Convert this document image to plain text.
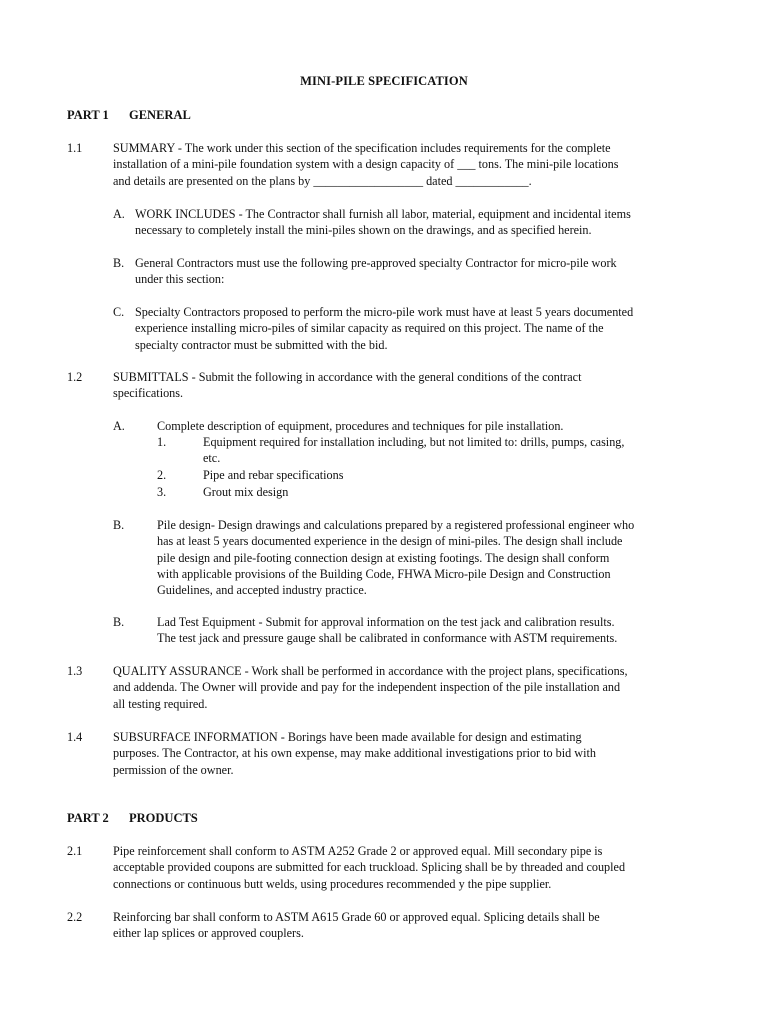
MINI-PILE SPECIFICATION
PART 1 GENERAL
1.1	SUMMARY - The work under this section of the specification includes requirements for the complete
installation of a mini-pile foundation system with a design capacity of ___ tons. The mini-pile locations
and details are presented on the plans by __________________ dated ____________.
A. WORK INCLUDES - The Contractor shall furnish all labor, material, equipment and incidental items
necessary to completely install the mini-piles shown on the drawings, and as specified herein.
B. General Contractors must use the following pre-approved specialty Contractor for micro-pile work
under this section:
C. Specialty Contractors proposed to perform the micro-pile work must have at least 5 years documented
experience installing micro-piles of similar capacity as required on this project. The name of the
specialty contractor must be submitted with the bid.
1.2	SUBMITTALS - Submit the following in accordance with the general conditions of the contract
specifications.
A.	Complete description of equipment, procedures and techniques for pile installation.
1.	Equipment required for installation including, but not limited to: drills, pumps, casing,
etc.
2.	Pipe and rebar specifications
3.	Grout mix design
B.	Pile design- Design drawings and calculations prepared by a registered professional engineer who
has at least 5 years documented experience in the design of mini-piles. The design shall include
pile design and pile-footing connection design at existing footings. The design shall conform
with applicable provisions of the Building Code, FHWA Micro-pile Design and Construction
Guidelines, and accepted industry practice.
B.	Lad Test Equipment - Submit for approval information on the test jack and calibration results.
The test jack and pressure gauge shall be calibrated in conformance with ASTM requirements.
1.3	QUALITY ASSURANCE - Work shall be performed in accordance with the project plans, specifications,
and addenda. The Owner will provide and pay for the independent inspection of the pile installation and
all testing required.
1.4	SUBSURFACE INFORMATION - Borings have been made available for design and estimating
purposes. The Contractor, at his own expense, may make additional investigations prior to bid with
permission of the owner.
PART 2 PRODUCTS
2.1	Pipe reinforcement shall conform to ASTM A252 Grade 2 or approved equal. Mill secondary pipe is
acceptable provided coupons are submitted for each truckload. Splicing shall be by threaded and coupled
connections or continuous butt welds, using procedures recommended y the pipe supplier.
2.2	Reinforcing bar shall conform to ASTM A615 Grade 60 or approved equal. Splicing details shall be
either lap splices or approved couplers.
